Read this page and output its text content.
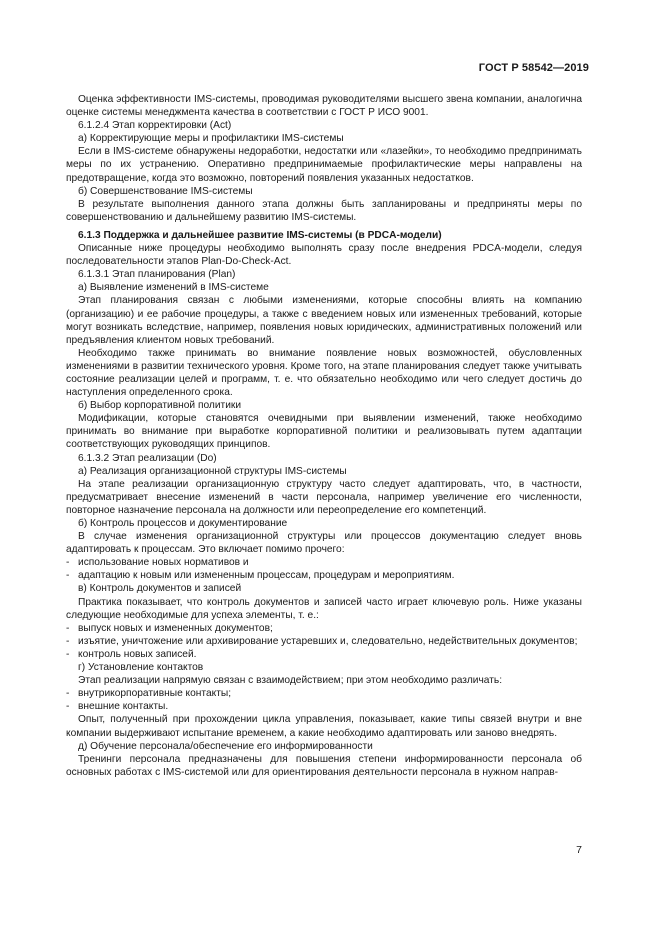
ГОСТ Р 58542—2019

Оценка эффективности IMS-системы, проводимая руководителями высшего звена компании, аналогична оценке системы менеджмента качества в соответствии с ГОСТ Р ИСО 9001.

6.1.2.4 Этап корректировки (Act)

а) Корректирующие меры и профилактики IMS-системы

Если в IMS-системе обнаружены недоработки, недостатки или «лазейки», то необходимо предпринимать меры по их устранению. Оперативно предпринимаемые профилактические меры направлены на предотвращение, когда это возможно, повторений появления указанных недостатков.

б) Совершенствование IMS-системы

В результате выполнения данного этапа должны быть запланированы и предприняты меры по совершенствованию и дальнейшему развитию IMS-системы.

6.1.3 Поддержка и дальнейшее развитие IMS-системы (в PDCA-модели)

Описанные ниже процедуры необходимо выполнять сразу после внедрения PDCA-модели, следуя последовательности этапов Plan-Do-Check-Act.

6.1.3.1 Этап планирования (Plan)

а) Выявление изменений в IMS-системе

Этап планирования связан с любыми изменениями, которые способны влиять на компанию (организацию) и ее рабочие процедуры, а также с введением новых или измененных требований, которые могут возникать вследствие, например, появления новых юридических, административных положений или предъявления клиентом новых требований.

Необходимо также принимать во внимание появление новых возможностей, обусловленных изменениями в развитии технического уровня. Кроме того, на этапе планирования следует также учитывать состояние реализации целей и программ, т. е. что обязательно необходимо или чего следует достичь до наступления определенного срока.

б) Выбор корпоративной политики

Модификации, которые становятся очевидными при выявлении изменений, также необходимо принимать во внимание при выработке корпоративной политики и реализовывать путем адаптации соответствующих руководящих принципов.

6.1.3.2 Этап реализации (Do)

а) Реализация организационной структуры IMS-системы

На этапе реализации организационную структуру часто следует адаптировать, что, в частности, предусматривает внесение изменений в части персонала, например увеличение его численности, повторное назначение персонала на должности или переопределение его компетенций.

б) Контроль процессов и документирование

В случае изменения организационной структуры или процессов документацию следует вновь адаптировать к процессам. Это включает помимо прочего:

- использование новых нормативов и

- адаптацию к новым или измененным процессам, процедурам и мероприятиям.

в) Контроль документов и записей

Практика показывает, что контроль документов и записей часто играет ключевую роль. Ниже указаны следующие необходимые для успеха элементы, т. е.:

- выпуск новых и измененных документов;

- изъятие, уничтожение или архивирование устаревших и, следовательно, недействительных документов;

- контроль новых записей.

г) Установление контактов

Этап реализации напрямую связан с взаимодействием; при этом необходимо различать:

- внутрикорпоративные контакты;

- внешние контакты.

Опыт, полученный при прохождении цикла управления, показывает, какие типы связей внутри и вне компании выдерживают испытание временем, а какие необходимо адаптировать или заново внедрять.

д) Обучение персонала/обеспечение его информированности

Тренинги персонала предназначены для повышения степени информированности персонала об основных работах с IMS-системой или для ориентирования деятельности персонала в нужном направ-

7
